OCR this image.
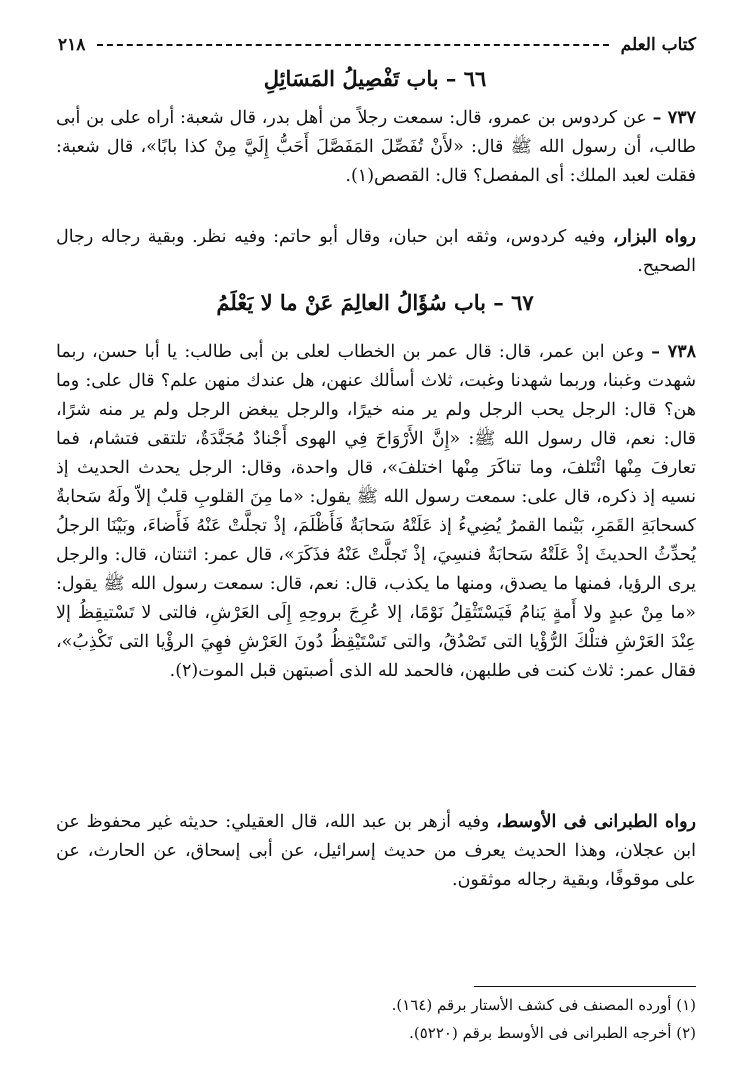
كتاب العلم
٢١٨
٦٦ – باب تَفْصِيلُ المَسَائِلِ
٧٣٧ – عن كردوس بن عمرو، قال: سمعت رجلاً من أهل بدر، قال شعبة: أراه على بن أبى طالب، أن رسول الله ﷺ قال: «لأَنْ تُفَصِّلَ المَفَصَّلَ أَحَبُّ إِلَيَّ مِنْ كذا بابًا»، قال شعبة: فقلت لعبد الملك: أى المفصل؟ قال: القصص(١).
رواه البزار، وفيه كردوس، وثقه ابن حبان، وقال أبو حاتم: وفيه نظر. وبقية رجاله رجال الصحيح.
٦٧ – باب سُؤَالُ العالِمَ عَنْ ما لا يَعْلَمُ
٧٣٨ – وعن ابن عمر، قال: قال عمر بن الخطاب لعلى بن أبى طالب: يا أبا حسن، ربما شهدت وغبنا، وربما شهدنا وغبت، ثلاث أسألك عنهن، هل عندك منهن علم؟ قال على: وما هن؟ قال: الرجل يحب الرجل ولم ير منه خيرًا، والرجل يبغض الرجل ولم ير منه شرًا، قال: نعم، قال رسول الله ﷺ: «إِنَّ الأَرْوَاحَ فِي الهوى أَجْنادٌ مُجَنَّدَةٌ، تلتقى فتشام، فما تعارفَ مِنْها ائْتَلفَ، وما تناكَرَ مِنْها اختلفَ»، قال واحدة، وقال: الرجل يحدث الحديث إذ نسيه إذ ذكره، قال على: سمعت رسول الله ﷺ يقول: «ما مِنَ القلوبِ قلبٌ إلاّ ولَهُ سَحابةٌ كسحابَةِ القَمَرِ، بَيْنما القمرُ يُضِيءُ إذ عَلَتْهُ سَحابَةٌ فَأَظْلَمَ، إذْ تجلَّتْ عَنْهُ فَأَضاءَ، وبَيْنَا الرجلُ يُحدِّثُ الحديثَ إذْ عَلَتْهُ سَحابَةٌ فنسِيَ، إذْ تَجلَّتْ عَنْهُ فذَكَرَ»، قال عمر: اثنتان، قال: والرجل يرى الرؤيا، فمنها ما يصدق، ومنها ما يكذب، قال: نعم، قال: سمعت رسول الله ﷺ يقول: «ما مِنْ عبدٍ ولا أَمةٍ يَنامُ فَيَسْتَثْقِلُ نَوْمًا، إلا عُرِجَ بروحِهِ إِلَى العَرْشِ، فالتى لا تَسْتيقِظُ إلا عِنْدَ العَرْشِ فتلْكَ الرُّؤْيا التى تَصْدُقُ، والتى تَسْتَيْقِظُ دُونَ العَرْشِ فهِيَ الرؤْيا التى تَكْذِبُ»، فقال عمر: ثلاث كنت فى طلبهن، فالحمد لله الذى أصبتهن قبل الموت(٢).
رواه الطبرانى فى الأوسط، وفيه أزهر بن عبد الله، قال العقيلي: حديثه غير محفوظ عن ابن عجلان، وهذا الحديث يعرف من حديث إسرائيل، عن أبى إسحاق، عن الحارث، عن على موقوفًا، وبقية رجاله موثقون.
(١) أورده المصنف فى كشف الأستار برقم (١٦٤).
(٢) أخرجه الطبرانى فى الأوسط برقم (٥٢٢٠).
